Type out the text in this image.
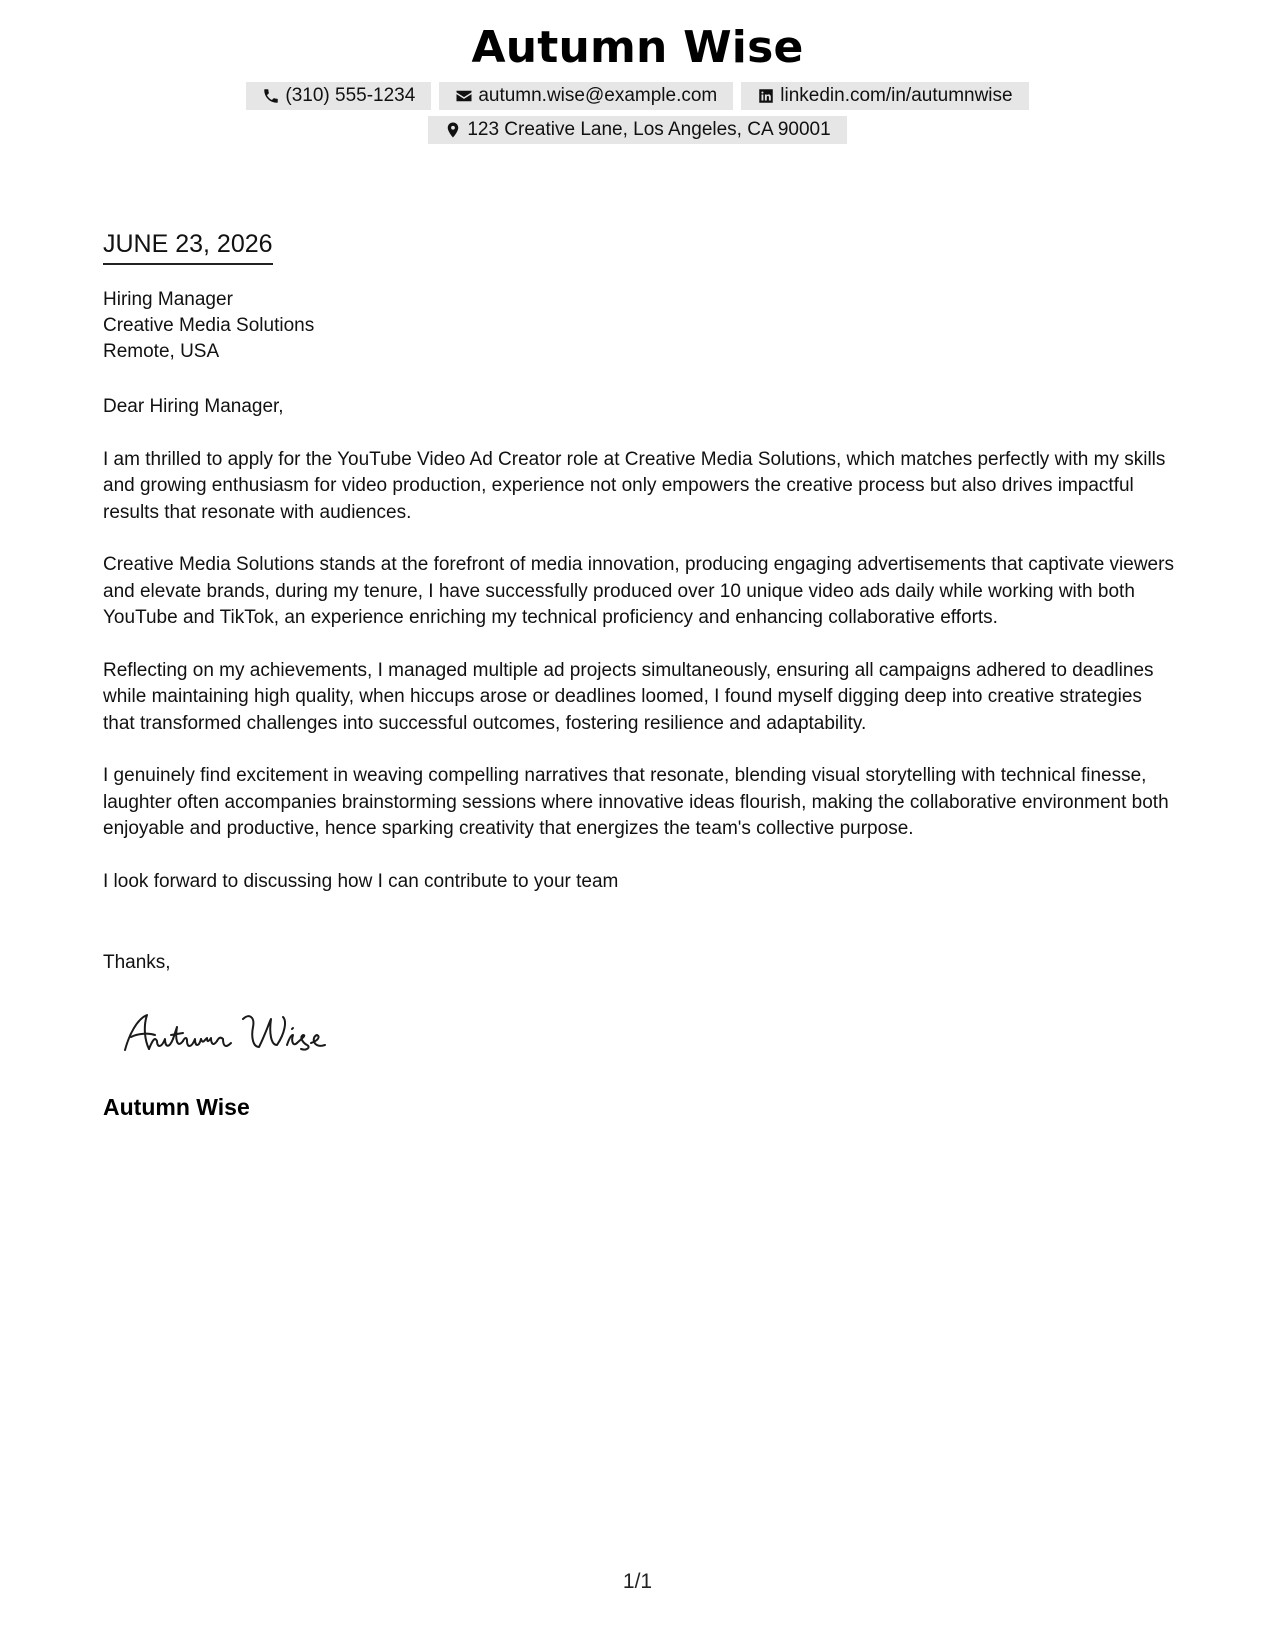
Autumn Wise
(310) 555-1234	autumn.wise@example.com	linkedin.com/in/autumnwise
123 Creative Lane, Los Angeles, CA 90001
JUNE 23, 2026
Hiring Manager
Creative Media Solutions
Remote, USA

Dear Hiring Manager,

I am thrilled to apply for the YouTube Video Ad Creator role at Creative Media Solutions, which matches perfectly with my skills and growing enthusiasm for video production, experience not only empowers the creative process but also drives impactful results that resonate with audiences.

Creative Media Solutions stands at the forefront of media innovation, producing engaging advertisements that captivate viewers and elevate brands, during my tenure, I have successfully produced over 10 unique video ads daily while working with both YouTube and TikTok, an experience enriching my technical proficiency and enhancing collaborative efforts.

Reflecting on my achievements, I managed multiple ad projects simultaneously, ensuring all campaigns adhered to deadlines while maintaining high quality, when hiccups arose or deadlines loomed, I found myself digging deep into creative strategies that transformed challenges into successful outcomes, fostering resilience and adaptability.

I genuinely find excitement in weaving compelling narratives that resonate, blending visual storytelling with technical finesse, laughter often accompanies brainstorming sessions where innovative ideas flourish, making the collaborative environment both enjoyable and productive, hence sparking creativity that energizes the team's collective purpose.

I look forward to discussing how I can contribute to your team

Thanks,
Autumn Wise
1/1
